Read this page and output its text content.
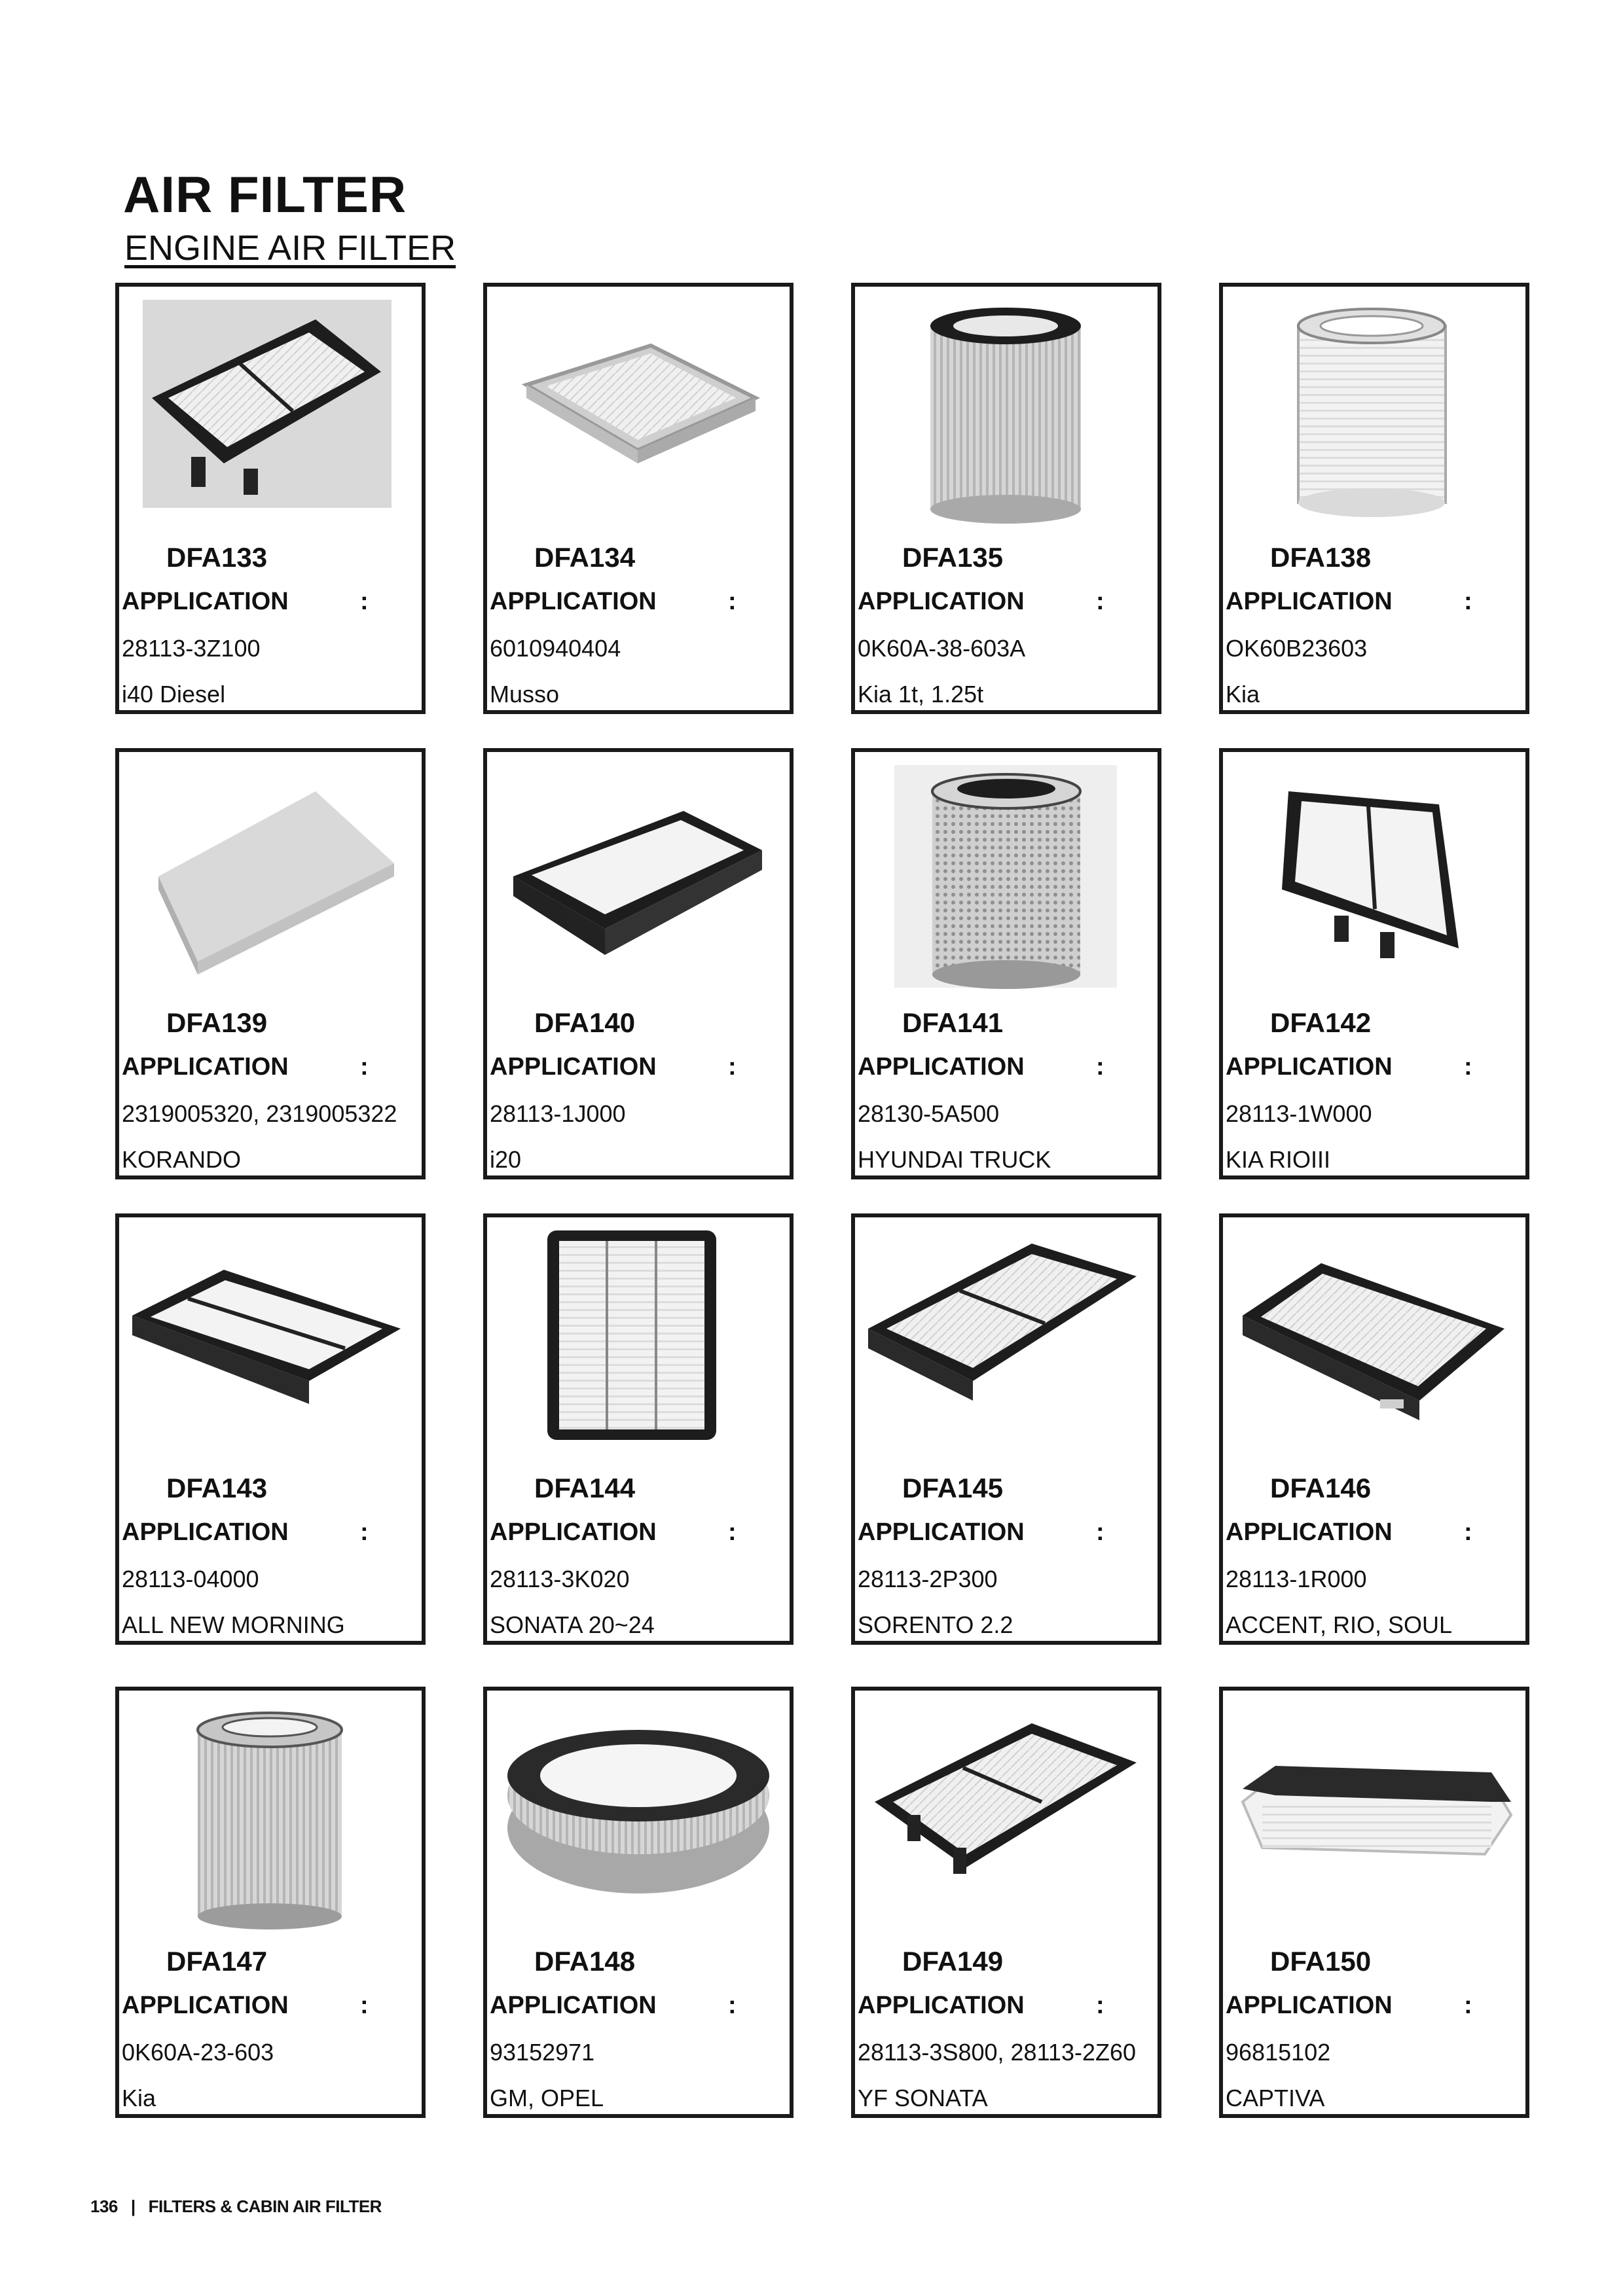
AIR FILTER
ENGINE AIR FILTER
DFA133
APPLICATION	:
28113-3Z100
i40 Diesel
DFA134
APPLICATION	:
6010940404
Musso
DFA135
APPLICATION	:
0K60A-38-603A
Kia 1t, 1.25t
DFA138
APPLICATION	:
OK60B23603
Kia
DFA139
APPLICATION	:
2319005320, 2319005322
KORANDO
DFA140
APPLICATION	:
28113-1J000
i20
DFA141
APPLICATION	:
28130-5A500
HYUNDAI TRUCK
DFA142
APPLICATION	:
28113-1W000
KIA RIOIII
DFA143
APPLICATION	:
28113-04000
ALL NEW MORNING
DFA144
APPLICATION	:
28113-3K020
SONATA 20~24
DFA145
APPLICATION	:
28113-2P300
SORENTO 2.2
DFA146
APPLICATION	:
28113-1R000
ACCENT, RIO, SOUL
DFA147
APPLICATION	:
0K60A-23-603
Kia
DFA148
APPLICATION	:
93152971
GM, OPEL
DFA149
APPLICATION	:
28113-3S800, 28113-2Z60
YF SONATA
DFA150
APPLICATION	:
96815102
CAPTIVA
136 | FILTERS & CABIN AIR FILTER
